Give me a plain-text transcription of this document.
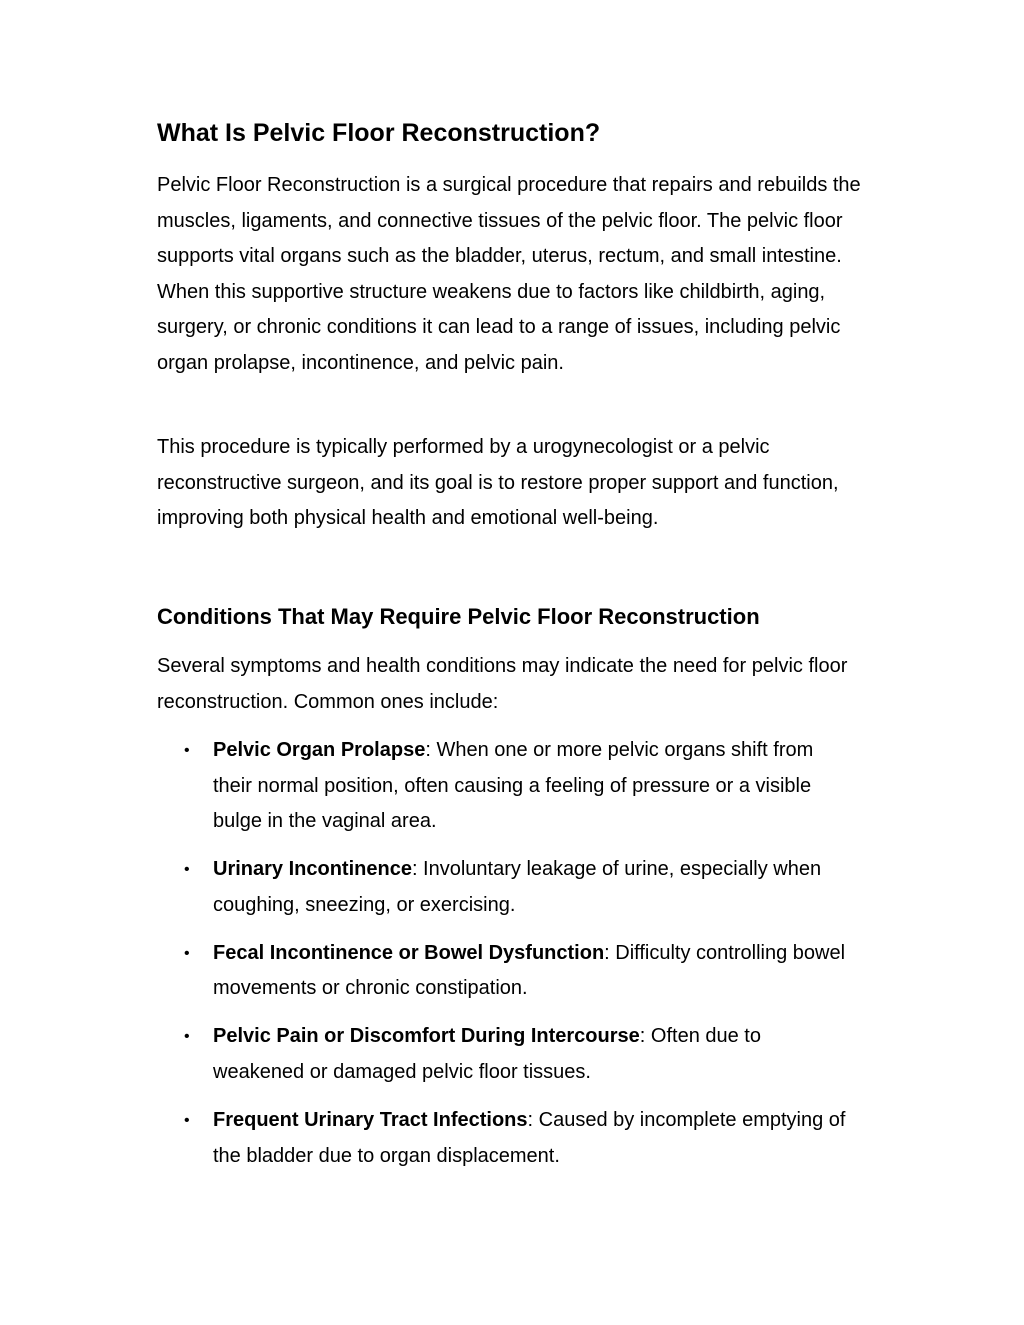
What Is Pelvic Floor Reconstruction?

Pelvic Floor Reconstruction is a surgical procedure that repairs and rebuilds the muscles, ligaments, and connective tissues of the pelvic floor. The pelvic floor supports vital organs such as the bladder, uterus, rectum, and small intestine. When this supportive structure weakens due to factors like childbirth, aging, surgery, or chronic conditions it can lead to a range of issues, including pelvic organ prolapse, incontinence, and pelvic pain.

This procedure is typically performed by a urogynecologist or a pelvic reconstructive surgeon, and its goal is to restore proper support and function, improving both physical health and emotional well-being.

Conditions That May Require Pelvic Floor Reconstruction

Several symptoms and health conditions may indicate the need for pelvic floor reconstruction. Common ones include:

• Pelvic Organ Prolapse: When one or more pelvic organs shift from their normal position, often causing a feeling of pressure or a visible bulge in the vaginal area.
• Urinary Incontinence: Involuntary leakage of urine, especially when coughing, sneezing, or exercising.
• Fecal Incontinence or Bowel Dysfunction: Difficulty controlling bowel movements or chronic constipation.
• Pelvic Pain or Discomfort During Intercourse: Often due to weakened or damaged pelvic floor tissues.
• Frequent Urinary Tract Infections: Caused by incomplete emptying of the bladder due to organ displacement.
